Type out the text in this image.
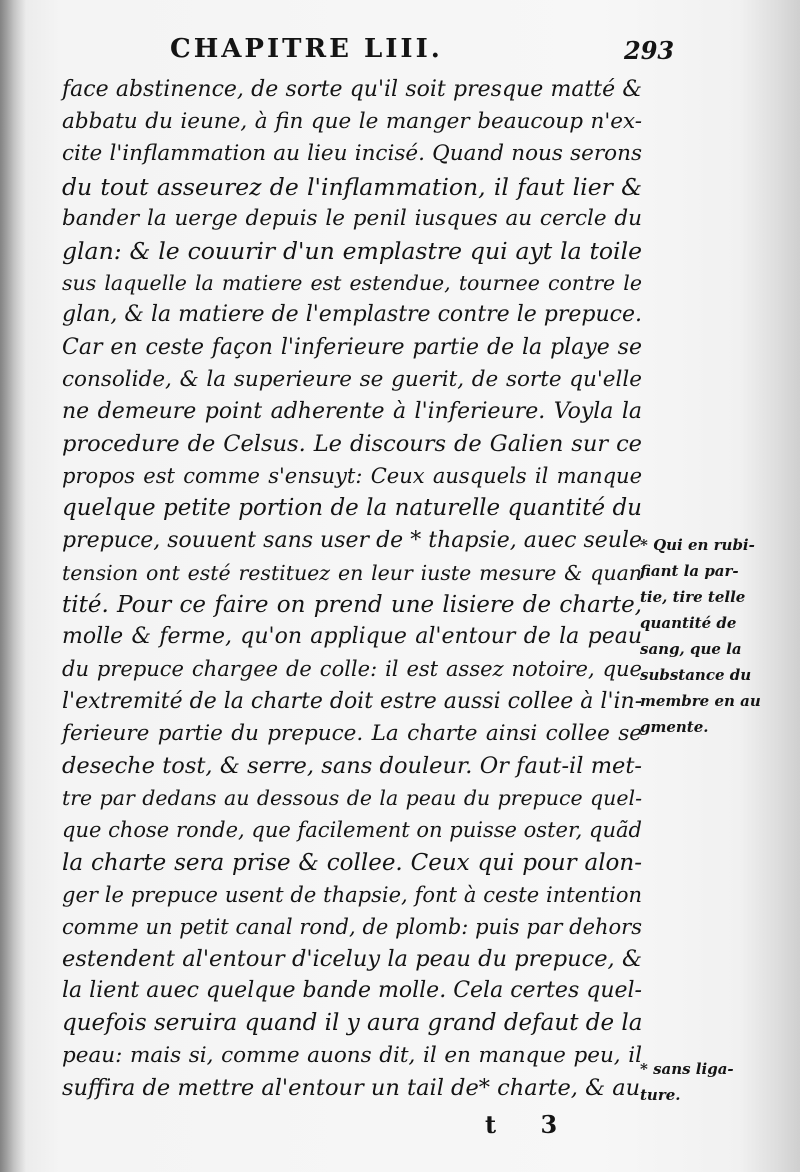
CHAPITRE LIII.	293
face abstinence, de sorte qu'il soit presque matté &
abbatu du ieune, à fin que le manger beaucoup n'ex-
cite l'inflammation au lieu incisé. Quand nous serons
du tout asseurez de l'inflammation, il faut lier &
bander la uerge depuis le penil iusques au cercle du
glan: & le couurir d'un emplastre qui ayt la toile
sus laquelle la matiere est estendue, tournee contre le
glan, & la matiere de l'emplastre contre le prepuce.
Car en ceste façon l'inferieure partie de la playe se
consolide, & la superieure se guerit, de sorte qu'elle
ne demeure point adherente à l'inferieure. Voyla la
procedure de Celsus. Le discours de Galien sur ce
propos est comme s'ensuyt: Ceux ausquels il manque
quelque petite portion de la naturelle quantité du
prepuce, souuent sans user de * thapsie, auec seule
tension ont esté restituez en leur iuste mesure & quan
tité. Pour ce faire on prend une lisiere de charte,
molle & ferme, qu'on applique al'entour de la peau
du prepuce chargee de colle: il est assez notoire, que
l'extremité de la charte doit estre aussi collee à l'in-
ferieure partie du prepuce. La charte ainsi collee se
deseche tost, & serre, sans douleur. Or faut-il met-
tre par dedans au dessous de la peau du prepuce quel-
que chose ronde, que facilement on puisse oster, quãd
la charte sera prise & collee. Ceux qui pour alon-
ger le prepuce usent de thapsie, font à ceste intention
comme un petit canal rond, de plomb: puis par dehors
estendent al'entour d'iceluy la peau du prepuce, &
la lient auec quelque bande molle. Cela certes quel-
quefois seruira quand il y aura grand defaut de la
peau: mais si, comme auons dit, il en manque peu, il
suffira de mettre al'entour un tail de* charte, & au
* Qui en rubi-
fiant la par-
tie, tire telle
quantité de
sang, que la
substance du
membre en au
gmente.
* sans liga-
ture.
t 3
